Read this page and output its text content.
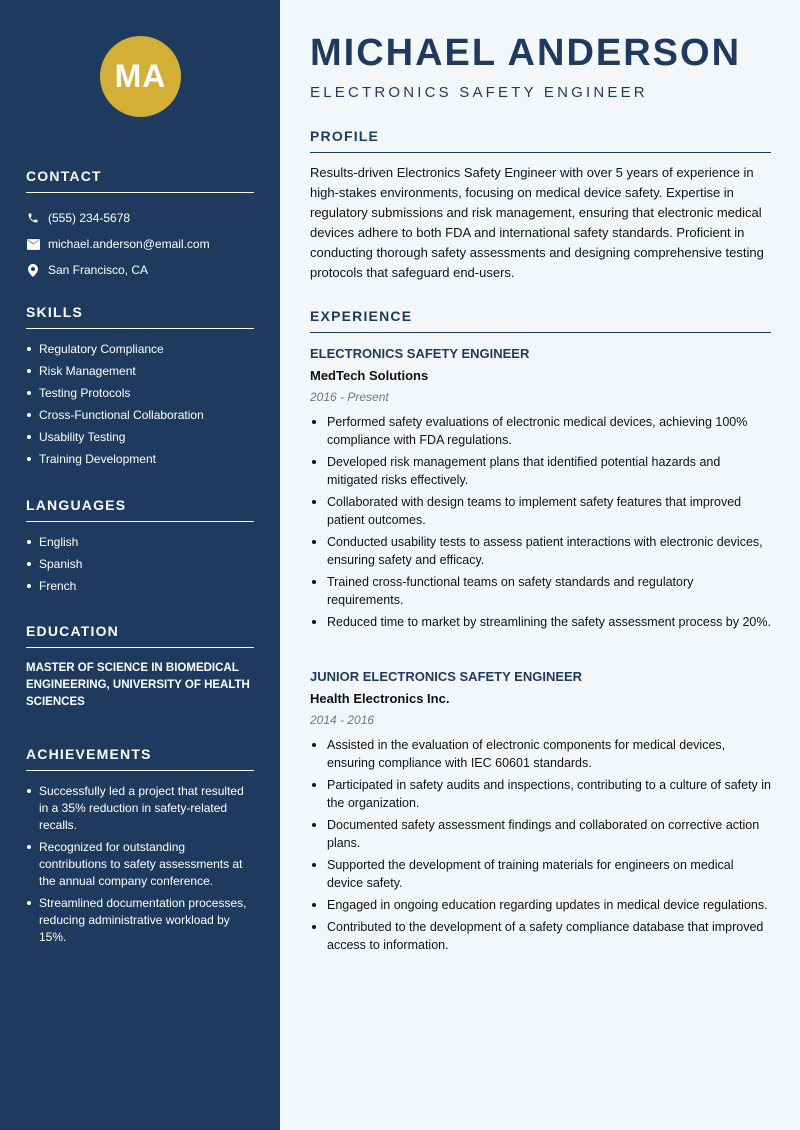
MA
CONTACT
(555) 234-5678
michael.anderson@email.com
San Francisco, CA
SKILLS
Regulatory Compliance
Risk Management
Testing Protocols
Cross-Functional Collaboration
Usability Testing
Training Development
LANGUAGES
English
Spanish
French
EDUCATION
MASTER OF SCIENCE IN BIOMEDICAL ENGINEERING, UNIVERSITY OF HEALTH SCIENCES
ACHIEVEMENTS
Successfully led a project that resulted in a 35% reduction in safety-related recalls.
Recognized for outstanding contributions to safety assessments at the annual company conference.
Streamlined documentation processes, reducing administrative workload by 15%.
MICHAEL ANDERSON
ELECTRONICS SAFETY ENGINEER
PROFILE
Results-driven Electronics Safety Engineer with over 5 years of experience in high-stakes environments, focusing on medical device safety. Expertise in regulatory submissions and risk management, ensuring that electronic medical devices adhere to both FDA and international safety standards. Proficient in conducting thorough safety assessments and designing comprehensive testing protocols that safeguard end-users.
EXPERIENCE
ELECTRONICS SAFETY ENGINEER
MedTech Solutions
2016 - Present
Performed safety evaluations of electronic medical devices, achieving 100% compliance with FDA regulations.
Developed risk management plans that identified potential hazards and mitigated risks effectively.
Collaborated with design teams to implement safety features that improved patient outcomes.
Conducted usability tests to assess patient interactions with electronic devices, ensuring safety and efficacy.
Trained cross-functional teams on safety standards and regulatory requirements.
Reduced time to market by streamlining the safety assessment process by 20%.
JUNIOR ELECTRONICS SAFETY ENGINEER
Health Electronics Inc.
2014 - 2016
Assisted in the evaluation of electronic components for medical devices, ensuring compliance with IEC 60601 standards.
Participated in safety audits and inspections, contributing to a culture of safety in the organization.
Documented safety assessment findings and collaborated on corrective action plans.
Supported the development of training materials for engineers on medical device safety.
Engaged in ongoing education regarding updates in medical device regulations.
Contributed to the development of a safety compliance database that improved access to information.
